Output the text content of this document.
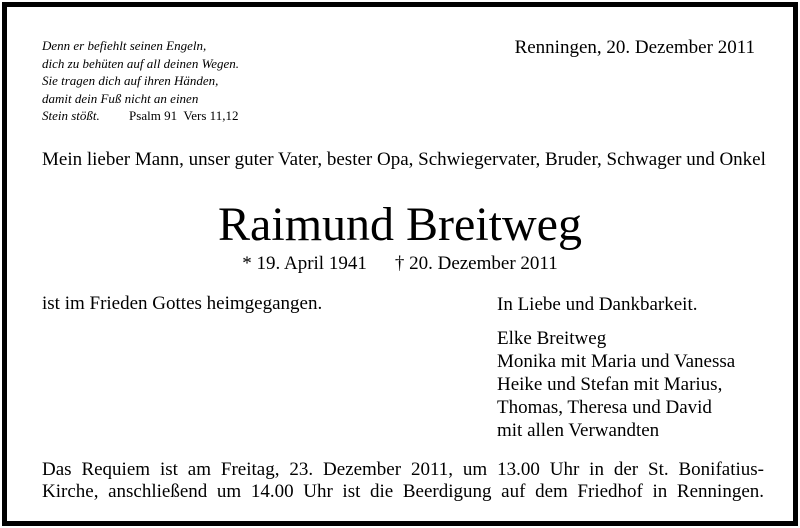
Denn er befiehlt seinen Engeln,
dich zu behüten auf all deinen Wegen.
Sie tragen dich auf ihren Händen,
damit dein Fuß nicht an einen
Stein stößt. Psalm 91  Vers 11,12
Renningen, 20. Dezember 2011
Mein lieber Mann, unser guter Vater, bester Opa, Schwiegervater, Bruder, Schwager und Onkel
Raimund Breitweg
* 19. April 1941 † 20. Dezember 2011
ist im Frieden Gottes heimgegangen.	In Liebe und Dankbarkeit.
Elke Breitweg
Monika mit Maria und Vanessa
Heike und Stefan mit Marius,
Thomas, Theresa und David
mit allen Verwandten
Das Requiem ist am Freitag, 23. Dezember 2011, um 13.00 Uhr in der St. Bonifatius-
Kirche, anschließend um 14.00 Uhr ist die Beerdigung auf dem Friedhof in Renningen.
